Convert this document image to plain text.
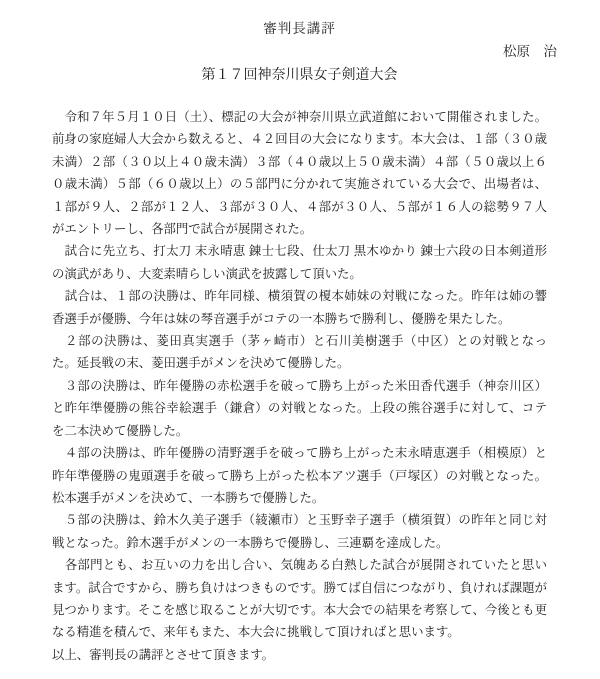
審判長講評
松原　治
第１７回神奈川県女子剣道大会

　令和７年５月１０日（土）、標記の大会が神奈川県立武道館において開催されました。前身の家庭婦人大会から数えると、４２回目の大会になります。本大会は、１部（３０歳未満）２部（３０以上４０歳未満）３部（４０歳以上５０歳未満）４部（５０歳以上６０歳未満）５部（６０歳以上）の５部門に分かれて実施されている大会で、出場者は、１部が９人、２部が１２人、３部が３０人、４部が３０人、５部が１６人の総勢９７人がエントリーし、各部門で試合が展開された。

　試合に先立ち、打太刀 末永晴恵 錬士七段、仕太刀 黒木ゆかり 錬士六段の日本剣道形の演武があり、大変素晴らしい演武を披露して頂いた。

　試合は、１部の決勝は、昨年同様、横須賀の榎本姉妹の対戦になった。昨年は姉の響香選手が優勝、今年は妹の琴音選手がコテの一本勝ちで勝利し、優勝を果たした。

　２部の決勝は、菱田真実選手（茅ヶ崎市）と石川美樹選手（中区）との対戦となった。延長戦の末、菱田選手がメンを決めて優勝した。

　３部の決勝は、昨年優勝の赤松選手を破って勝ち上がった米田香代選手（神奈川区）と昨年準優勝の熊谷幸絵選手（鎌倉）の対戦となった。上段の熊谷選手に対して、コテを二本決めて優勝した。

　４部の決勝は、昨年優勝の清野選手を破って勝ち上がった末永晴恵選手（相模原）と昨年準優勝の鬼頭選手を破って勝ち上がった松本アツ選手（戸塚区）の対戦となった。松本選手がメンを決めて、一本勝ちで優勝した。

　５部の決勝は、鈴木久美子選手（綾瀬市）と玉野幸子選手（横須賀）の昨年と同じ対戦となった。鈴木選手がメンの一本勝ちで優勝し、三連覇を達成した。

　各部門とも、お互いの力を出し合い、気魄ある白熱した試合が展開されていたと思います。試合ですから、勝ち負けはつきものです。勝てば自信につながり、負ければ課題が見つかります。そこを感じ取ることが大切です。本大会での結果を考察して、今後とも更なる精進を積んで、来年もまた、本大会に挑戦して頂ければと思います。

以上、審判長の講評とさせて頂きます。
